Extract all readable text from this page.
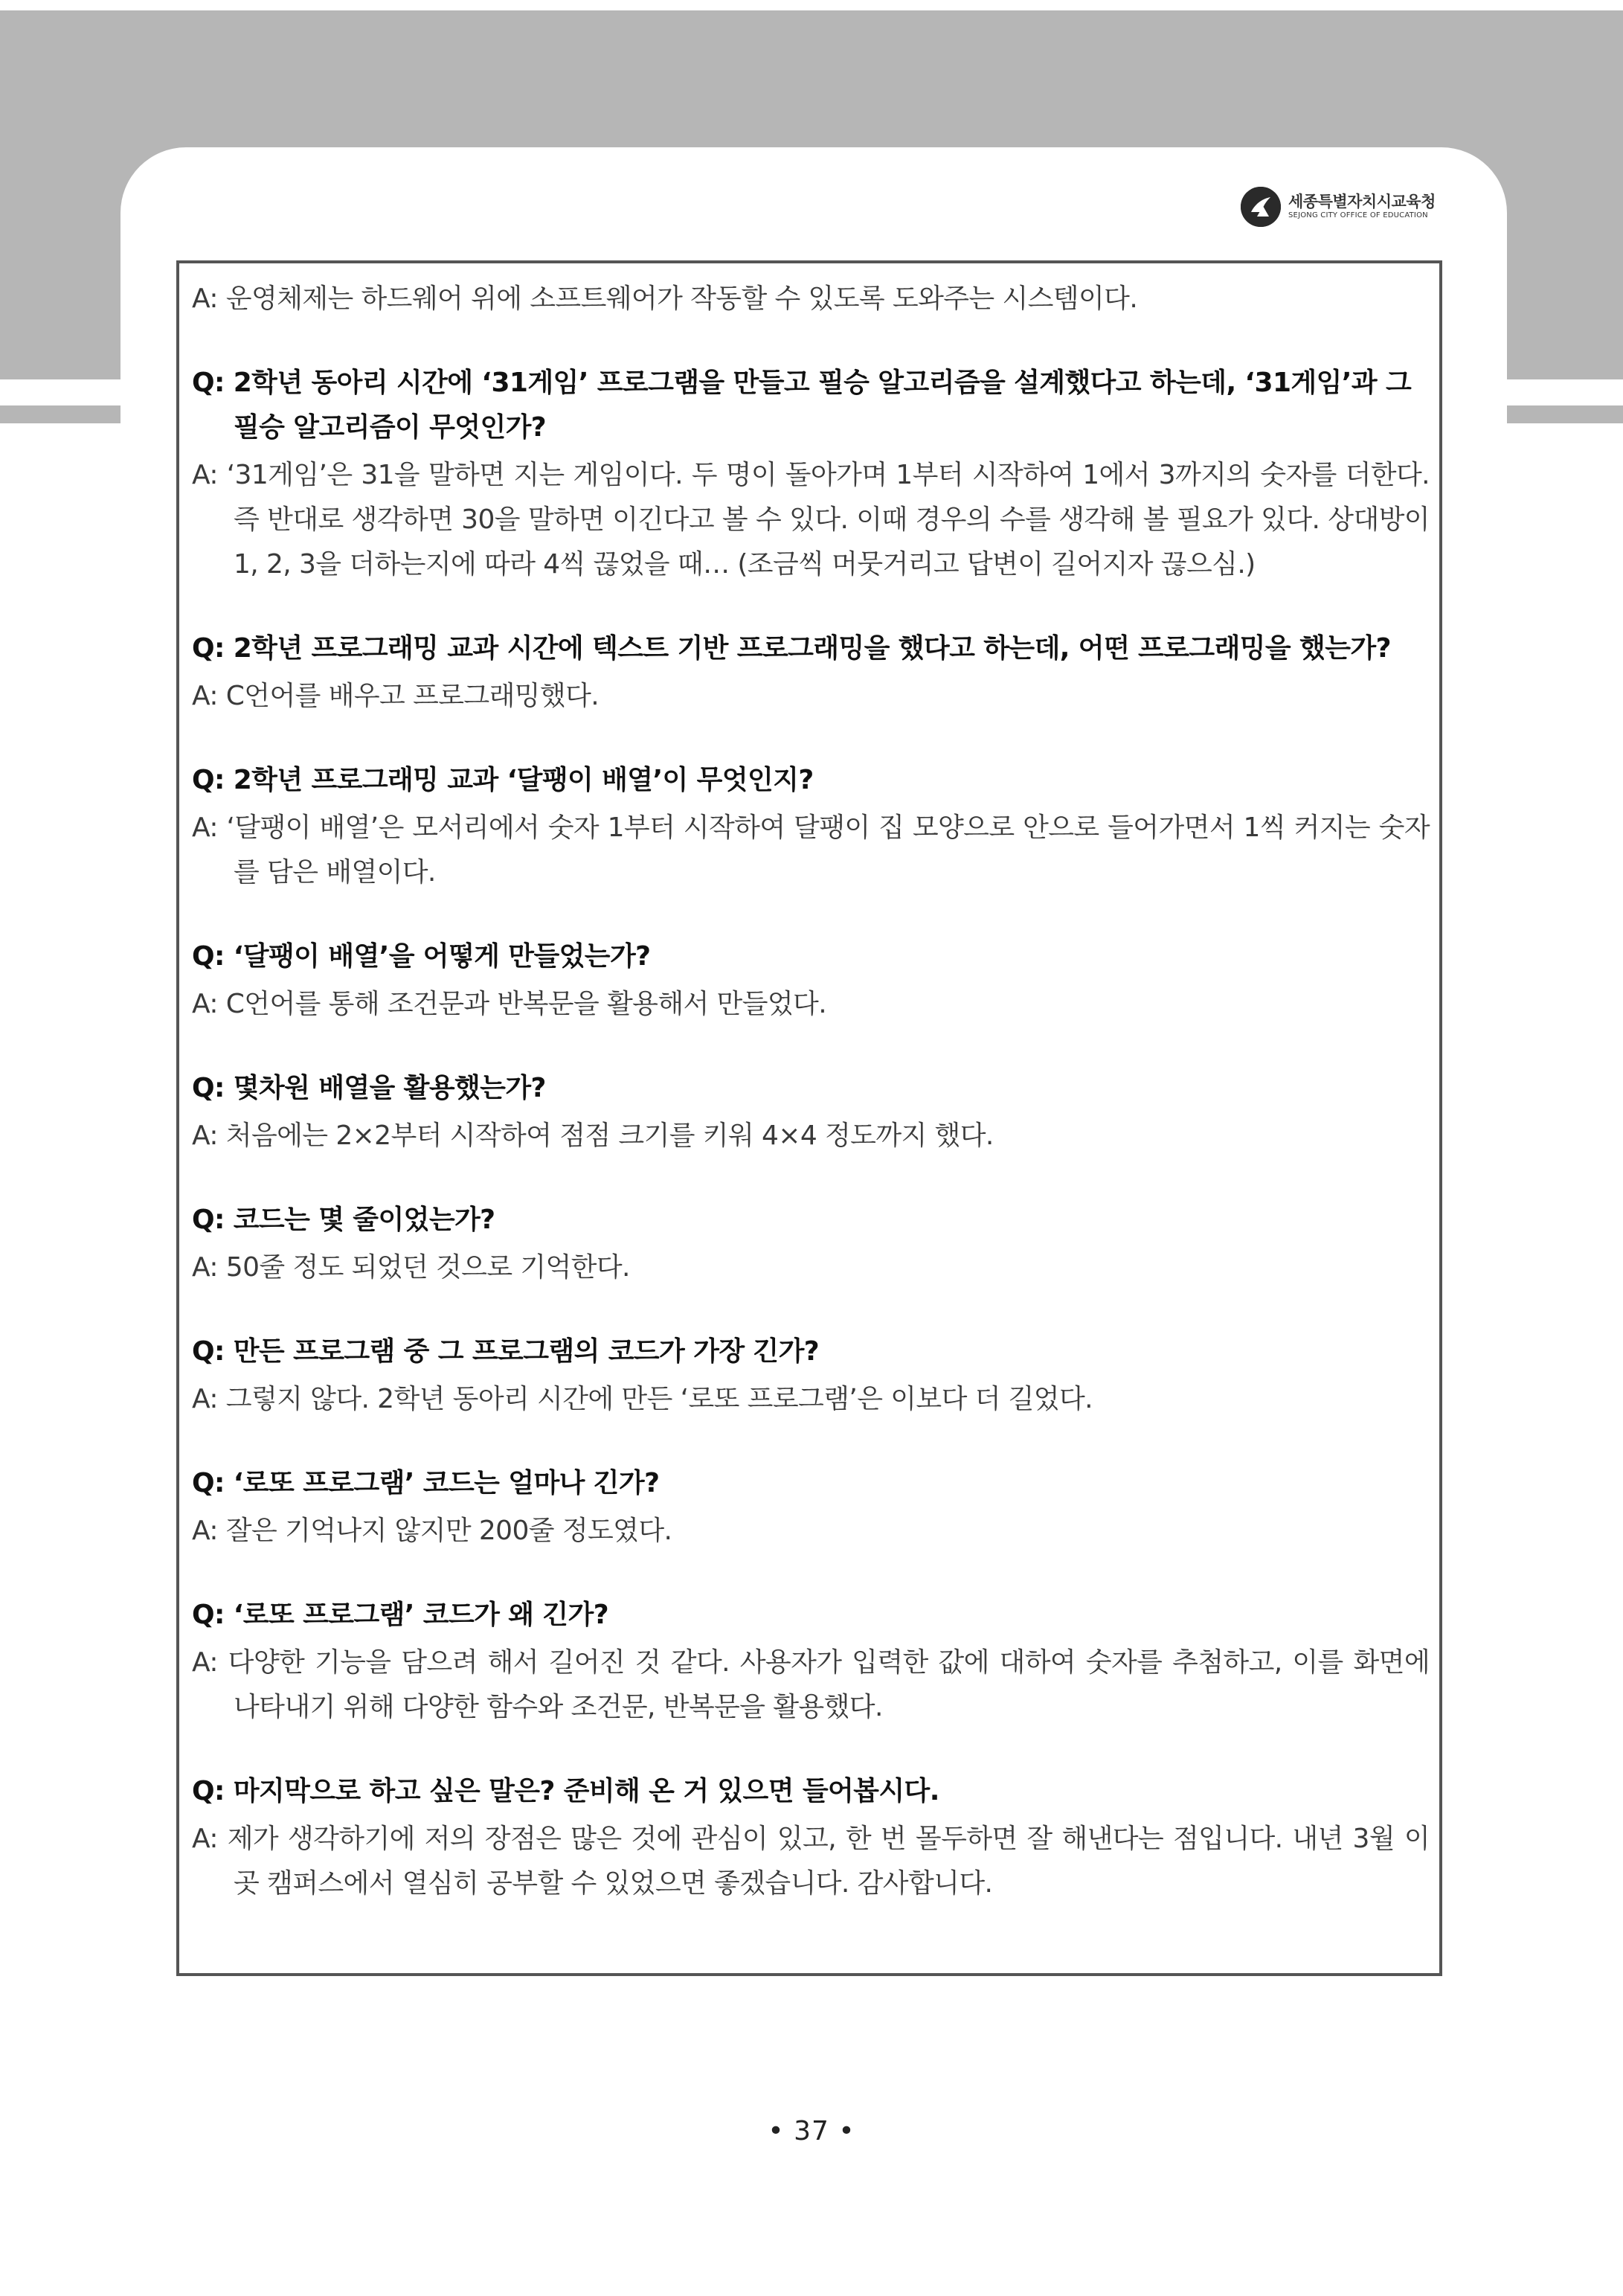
세종특별자치시교육청
SEJONG CITY OFFICE OF EDUCATION

A: 운영체제는 하드웨어 위에 소프트웨어가 작동할 수 있도록 도와주는 시스템이다.

Q: 2학년 동아리 시간에 ‘31게임’ 프로그램을 만들고 필승 알고리즘을 설계했다고 하는데, ‘31게임’과 그 필승 알고리즘이 무엇인가?

A: ‘31게임’은 31을 말하면 지는 게임이다. 두 명이 돌아가며 1부터 시작하여 1에서 3까지의 숫자를 더한다. 즉 반대로 생각하면 30을 말하면 이긴다고 볼 수 있다. 이때 경우의 수를 생각해 볼 필요가 있다. 상대방이 1, 2, 3을 더하는지에 따라 4씩 끊었을 때… (조금씩 머뭇거리고 답변이 길어지자 끊으심.)

Q: 2학년 프로그래밍 교과 시간에 텍스트 기반 프로그래밍을 했다고 하는데, 어떤 프로그래밍을 했는가?

A: C언어를 배우고 프로그래밍했다.

Q: 2학년 프로그래밍 교과 ‘달팽이 배열’이 무엇인지?

A: ‘달팽이 배열’은 모서리에서 숫자 1부터 시작하여 달팽이 집 모양으로 안으로 들어가면서 1씩 커지는 숫자를 담은 배열이다.

Q: ‘달팽이 배열’을 어떻게 만들었는가?

A: C언어를 통해 조건문과 반복문을 활용해서 만들었다.

Q: 몇차원 배열을 활용했는가?

A: 처음에는 2×2부터 시작하여 점점 크기를 키워 4×4 정도까지 했다.

Q: 코드는 몇 줄이었는가?

A: 50줄 정도 되었던 것으로 기억한다.

Q: 만든 프로그램 중 그 프로그램의 코드가 가장 긴가?

A: 그렇지 않다. 2학년 동아리 시간에 만든 ‘로또 프로그램’은 이보다 더 길었다.

Q: ‘로또 프로그램’ 코드는 얼마나 긴가?

A: 잘은 기억나지 않지만 200줄 정도였다.

Q: ‘로또 프로그램’ 코드가 왜 긴가?

A: 다양한 기능을 담으려 해서 길어진 것 같다. 사용자가 입력한 값에 대하여 숫자를 추첨하고, 이를 화면에 나타내기 위해 다양한 함수와 조건문, 반복문을 활용했다.

Q: 마지막으로 하고 싶은 말은? 준비해 온 거 있으면 들어봅시다.

A: 제가 생각하기에 저의 장점은 많은 것에 관심이 있고, 한 번 몰두하면 잘 해낸다는 점입니다. 내년 3월 이곳 캠퍼스에서 열심히 공부할 수 있었으면 좋겠습니다. 감사합니다.

• 37 •
